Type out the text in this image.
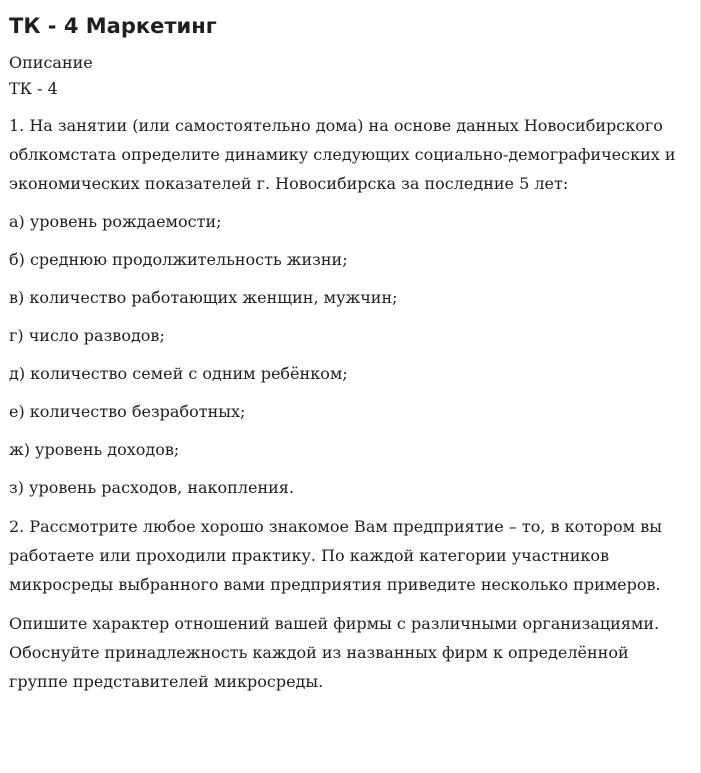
ТК - 4 Маркетинг
Описание
ТК - 4

1. На занятии (или самостоятельно дома) на основе данных Новосибирского облкомстата определите динамику следующих социально-демографических и экономических показателей г. Новосибирска за последние 5 лет:

а) уровень рождаемости;

б) среднюю продолжительность жизни;

в) количество работающих женщин, мужчин;

г) число разводов;

д) количество семей с одним ребёнком;

е) количество безработных;

ж) уровень доходов;

з) уровень расходов, накопления.

2. Рассмотрите любое хорошо знакомое Вам предприятие – то, в котором вы работаете или проходили практику. По каждой категории участников микросреды выбранного вами предприятия приведите несколько примеров.

Опишите характер отношений вашей фирмы с различными организациями. Обоснуйте принадлежность каждой из названных фирм к определённой группе представителей микросреды.
